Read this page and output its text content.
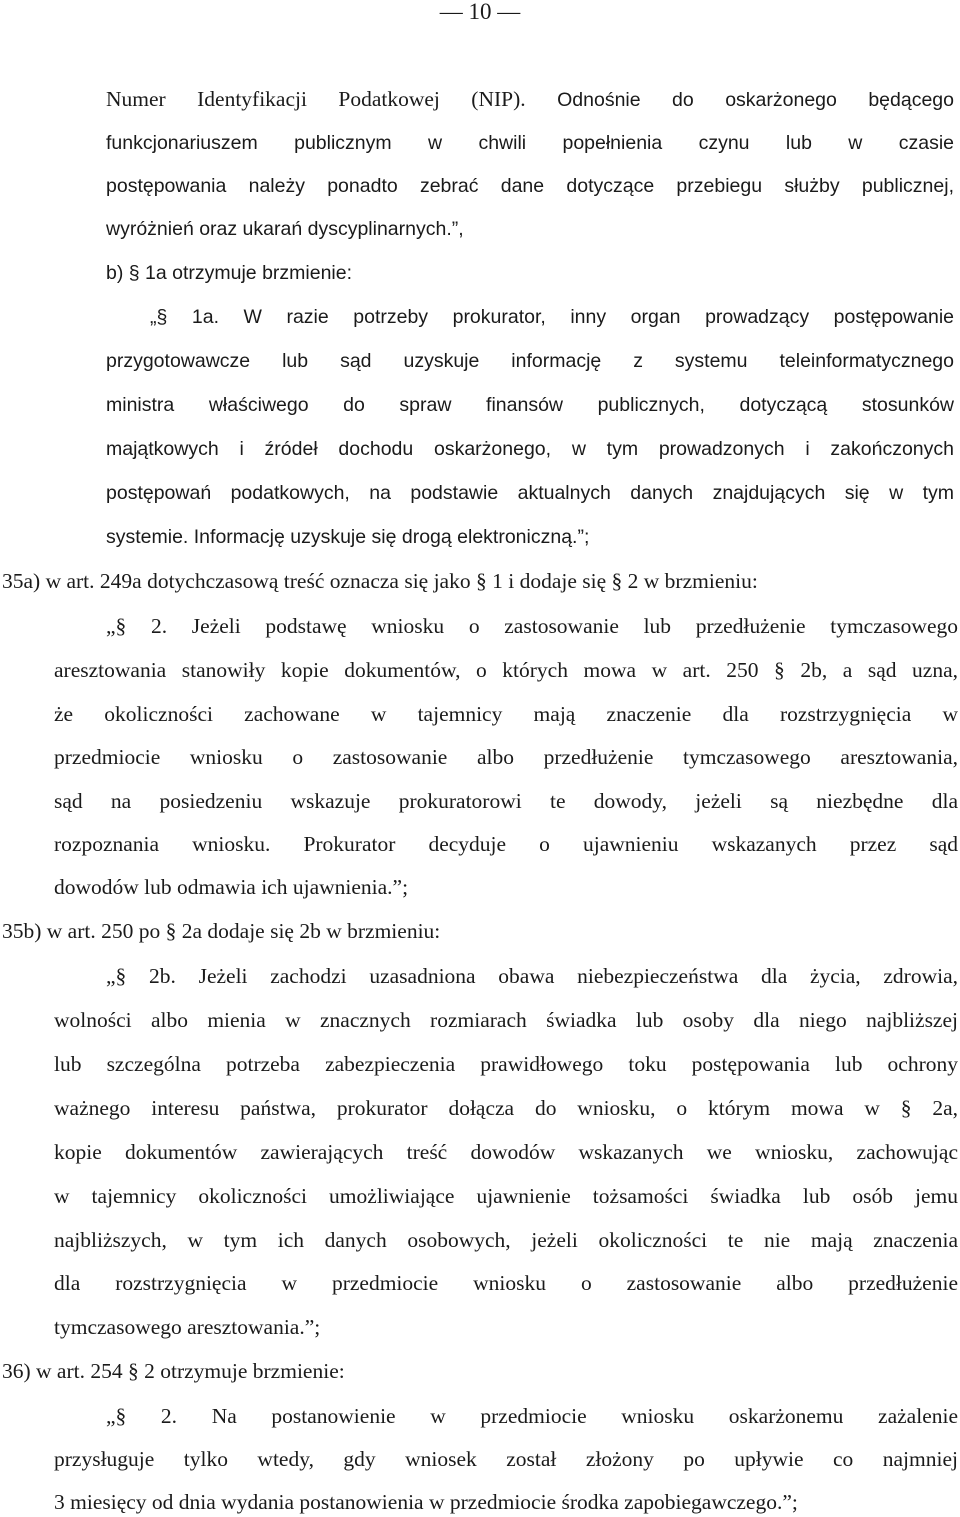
— 10 —
Numer Identyfikacji Podatkowej (NIP). Odnośnie do oskarżonego będącego
funkcjonariuszem publicznym w chwili popełnienia czynu lub w czasie
postępowania należy ponadto zebrać dane dotyczące przebiegu służby publicznej,
wyróżnień oraz ukarań dyscyplinarnych.”,
b) § 1a otrzymuje brzmienie:
„§ 1a. W razie potrzeby prokurator, inny organ prowadzący postępowanie
przygotowawcze lub sąd uzyskuje informację z systemu teleinformatycznego
ministra właściwego do spraw finansów publicznych, dotyczącą stosunków
majątkowych i źródeł dochodu oskarżonego, w tym prowadzonych i zakończonych
postępowań podatkowych, na podstawie aktualnych danych znajdujących się w tym
systemie. Informację uzyskuje się drogą elektroniczną.”;
35a) w art. 249a dotychczasową treść oznacza się jako § 1 i dodaje się § 2 w brzmieniu:
„§ 2. Jeżeli podstawę wniosku o zastosowanie lub przedłużenie tymczasowego
aresztowania stanowiły kopie dokumentów, o których mowa w art. 250 § 2b, a sąd uzna,
że okoliczności zachowane w tajemnicy mają znaczenie dla rozstrzygnięcia w
przedmiocie wniosku o zastosowanie albo przedłużenie tymczasowego aresztowania,
sąd na posiedzeniu wskazuje prokuratorowi te dowody, jeżeli są niezbędne dla
rozpoznania wniosku. Prokurator decyduje o ujawnieniu wskazanych przez sąd
dowodów lub odmawia ich ujawnienia.”;
35b) w art. 250 po § 2a dodaje się 2b w brzmieniu:
„§ 2b. Jeżeli zachodzi uzasadniona obawa niebezpieczeństwa dla życia, zdrowia,
wolności albo mienia w znacznych rozmiarach świadka lub osoby dla niego najbliższej
lub szczególna potrzeba zabezpieczenia prawidłowego toku postępowania lub ochrony
ważnego interesu państwa, prokurator dołącza do wniosku, o którym mowa w § 2a,
kopie dokumentów zawierających treść dowodów wskazanych we wniosku, zachowując
w tajemnicy okoliczności umożliwiające ujawnienie tożsamości świadka lub osób jemu
najbliższych, w tym ich danych osobowych, jeżeli okoliczności te nie mają znaczenia
dla rozstrzygnięcia w przedmiocie wniosku o zastosowanie albo przedłużenie
tymczasowego aresztowania.”;
36) w art. 254 § 2 otrzymuje brzmienie:
„§ 2. Na postanowienie w przedmiocie wniosku oskarżonemu zażalenie
przysługuje tylko wtedy, gdy wniosek został złożony po upływie co najmniej
3 miesięcy od dnia wydania postanowienia w przedmiocie środka zapobiegawczego.”;
